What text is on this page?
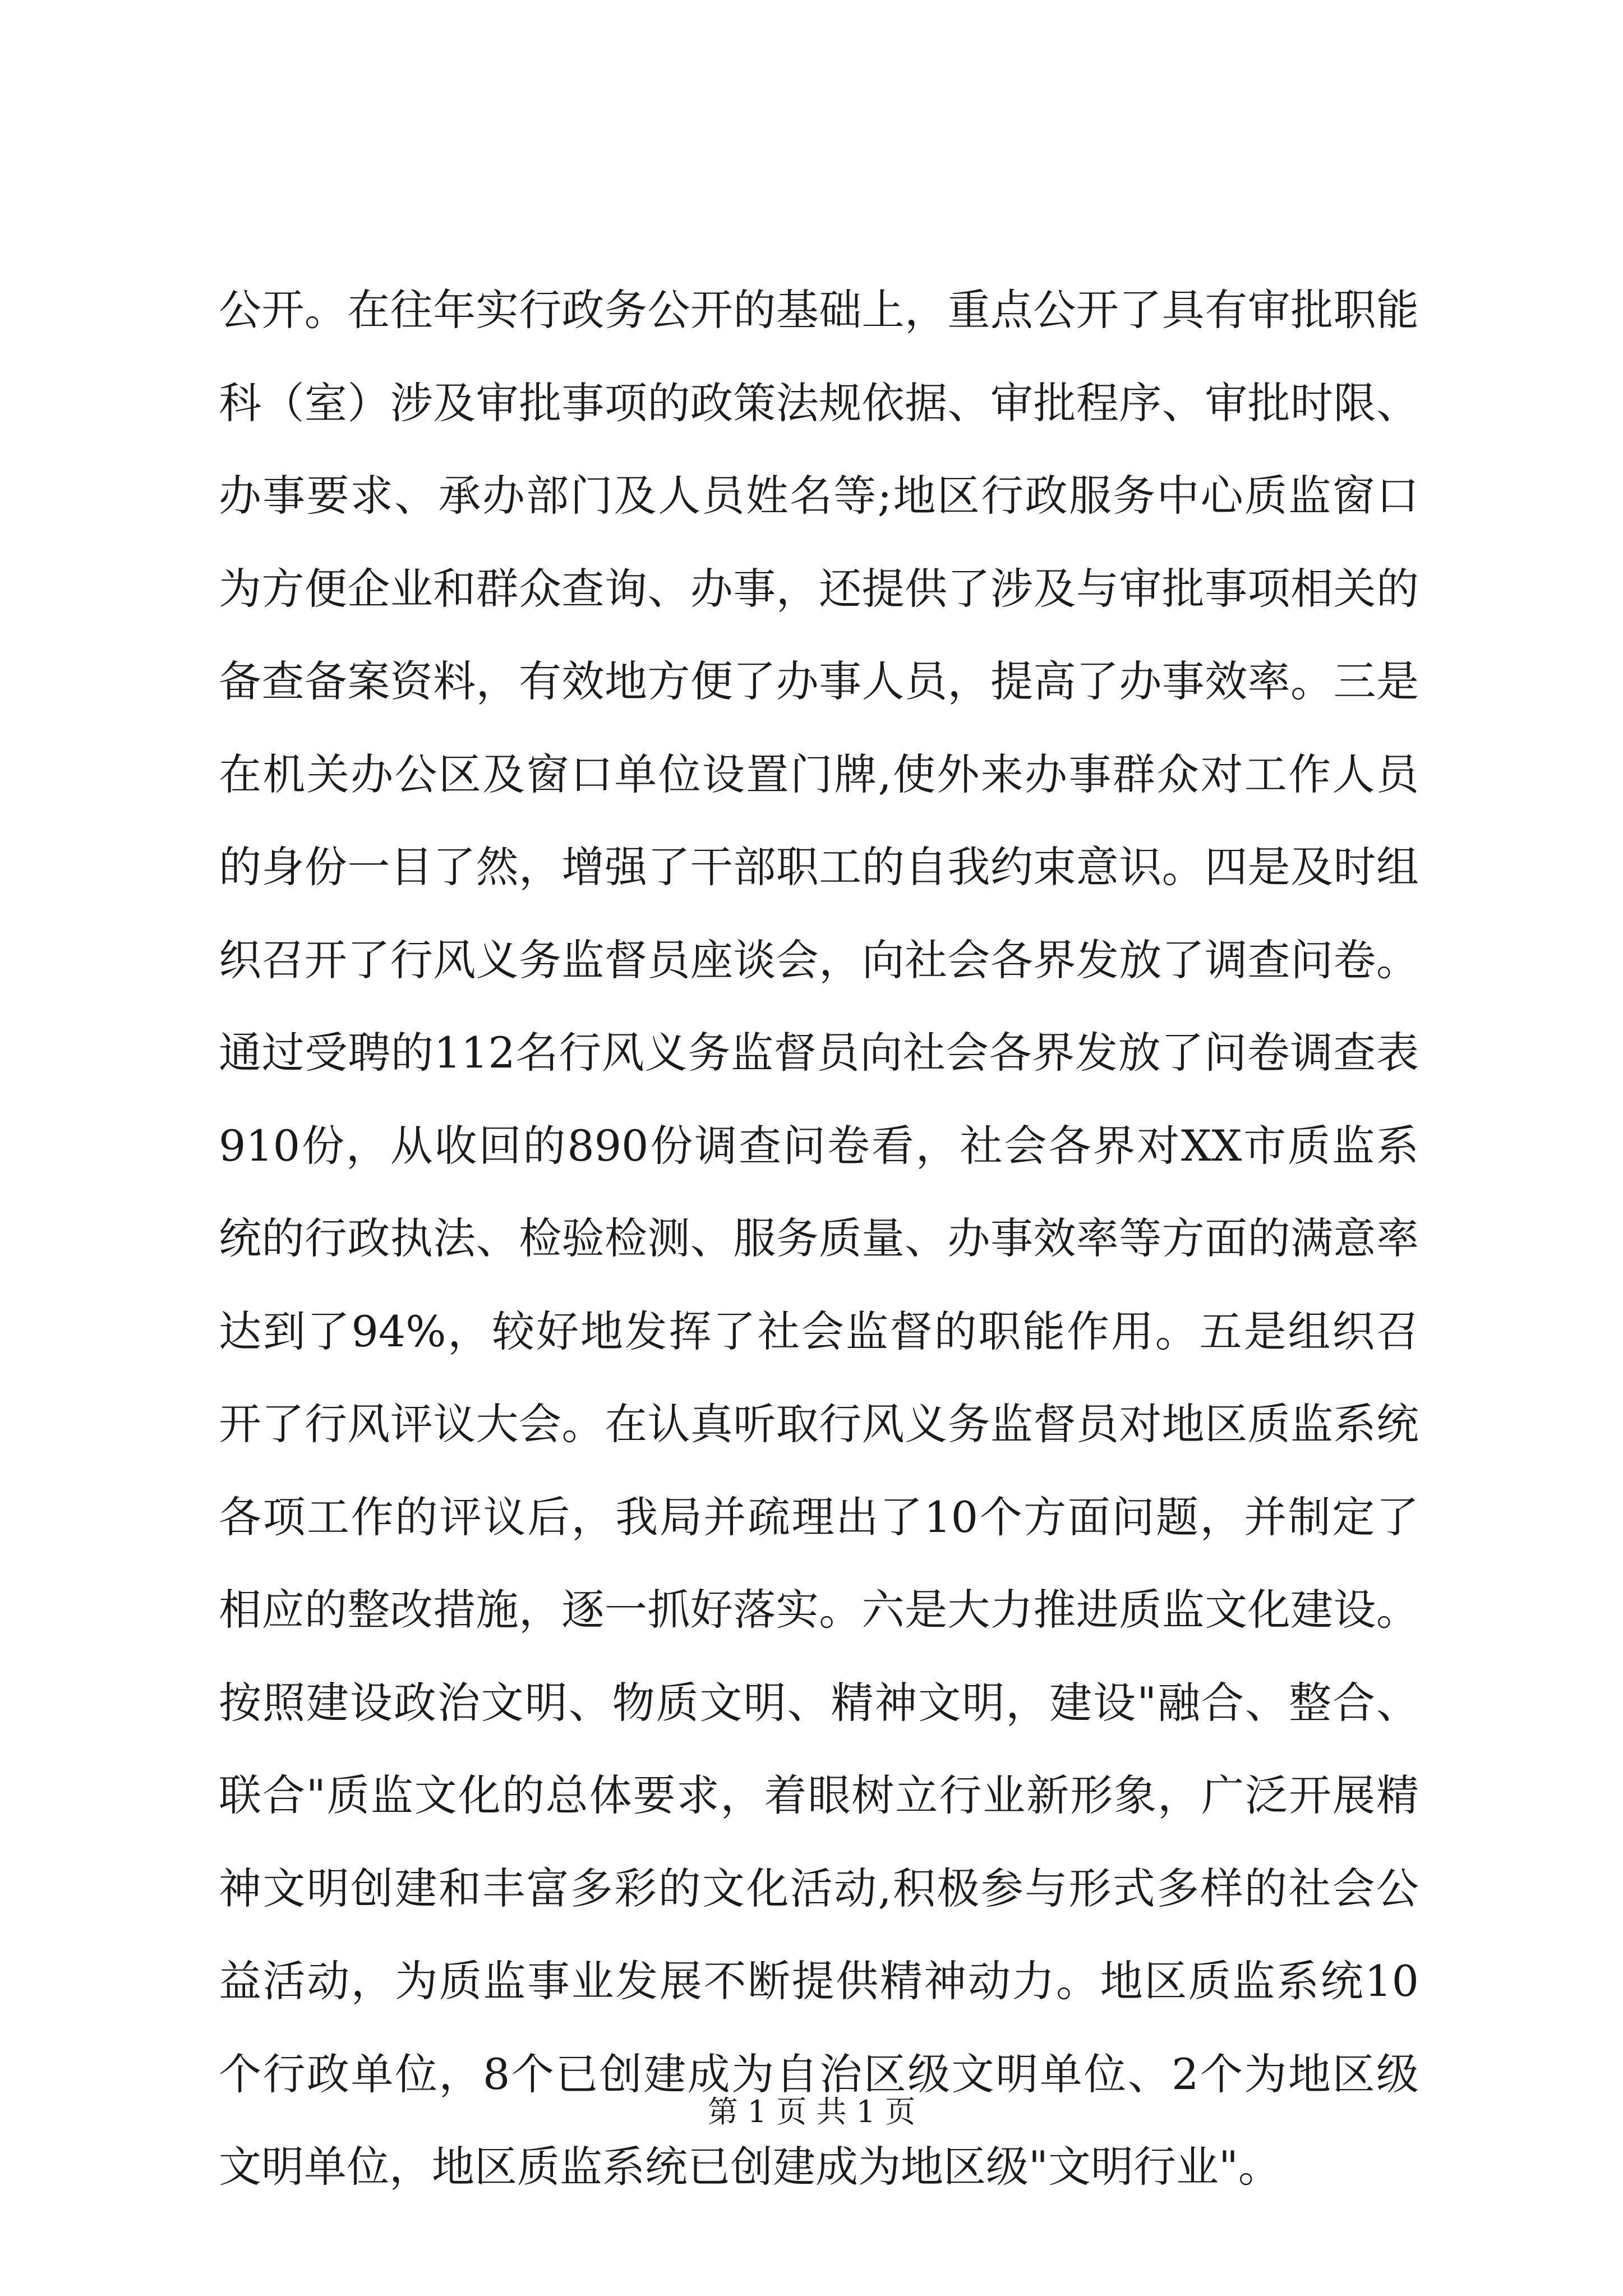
公开。在往年实行政务公开的基础上，重点公开了具有审批职能科（室）涉及审批事项的政策法规依据、审批程序、审批时限、办事要求、承办部门及人员姓名等;地区行政服务中心质监窗口为方便企业和群众查询、办事，还提供了涉及与审批事项相关的备查备案资料，有效地方便了办事人员，提高了办事效率。三是在机关办公区及窗口单位设置门牌,使外来办事群众对工作人员的身份一目了然，增强了干部职工的自我约束意识。四是及时组织召开了行风义务监督员座谈会，向社会各界发放了调查问卷。通过受聘的112名行风义务监督员向社会各界发放了问卷调查表910份，从收回的890份调查问卷看，社会各界对XX市质监系统的行政执法、检验检测、服务质量、办事效率等方面的满意率达到了94%，较好地发挥了社会监督的职能作用。五是组织召开了行风评议大会。在认真听取行风义务监督员对地区质监系统各项工作的评议后，我局并疏理出了10个方面问题，并制定了相应的整改措施，逐一抓好落实。六是大力推进质监文化建设。按照建设政治文明、物质文明、精神文明，建设"融合、整合、联合"质监文化的总体要求，着眼树立行业新形象，广泛开展精神文明创建和丰富多彩的文化活动,积极参与形式多样的社会公益活动，为质监事业发展不断提供精神动力。地区质监系统10个行政单位，8个已创建成为自治区级文明单位、2个为地区级文明单位，地区质监系统已创建成为地区级"文明行业"。

第 1 页 共 1 页
